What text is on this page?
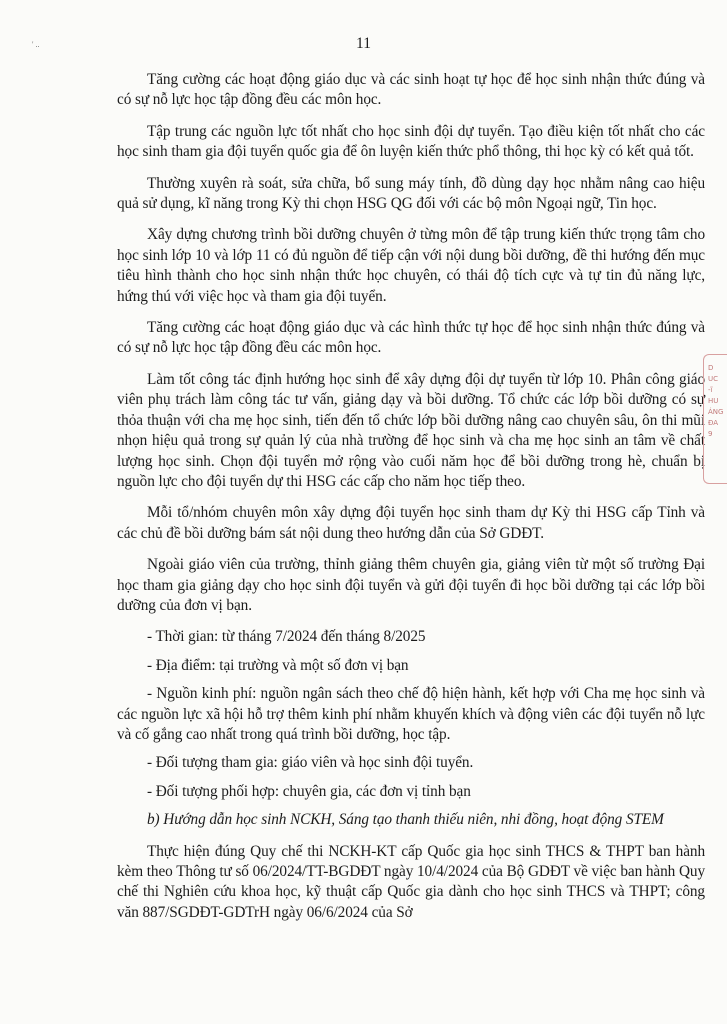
' ..	11

Tăng cường các hoạt động giáo dục và các sinh hoạt tự học để học sinh nhận thức đúng và có sự nỗ lực học tập đồng đều các môn học.

Tập trung các nguồn lực tốt nhất cho học sinh đội dự tuyển. Tạo điều kiện tốt nhất cho các học sinh tham gia đội tuyển quốc gia để ôn luyện kiến thức phổ thông, thi học kỳ có kết quả tốt.

Thường xuyên rà soát, sửa chữa, bổ sung máy tính, đồ dùng dạy học nhằm nâng cao hiệu quả sử dụng, kĩ năng trong Kỳ thi chọn HSG QG đối với các bộ môn Ngoại ngữ, Tin học.

Xây dựng chương trình bồi dưỡng chuyên ở từng môn để tập trung kiến thức trọng tâm cho học sinh lớp 10 và lớp 11 có đủ nguồn để tiếp cận với nội dung bồi dưỡng, đề thi hướng đến mục tiêu hình thành cho học sinh nhận thức học chuyên, có thái độ tích cực và tự tin đủ năng lực, hứng thú với việc học và tham gia đội tuyển.

Tăng cường các hoạt động giáo dục và các hình thức tự học để học sinh nhận thức đúng và có sự nỗ lực học tập đồng đều các môn học.

Làm tốt công tác định hướng học sinh để xây dựng đội dự tuyển từ lớp 10. Phân công giáo viên phụ trách làm công tác tư vấn, giảng dạy và bồi dưỡng. Tổ chức các lớp bồi dưỡng có sự thỏa thuận với cha mẹ học sinh, tiến đến tổ chức lớp bồi dưỡng nâng cao chuyên sâu, ôn thi mũi nhọn hiệu quả trong sự quản lý của nhà trường để học sinh và cha mẹ học sinh an tâm về chất lượng học sinh. Chọn đội tuyển mở rộng vào cuối năm học để bồi dưỡng trong hè, chuẩn bị nguồn lực cho đội tuyển dự thi HSG các cấp cho năm học tiếp theo.

Mỗi tổ/nhóm chuyên môn xây dựng đội tuyển học sinh tham dự Kỳ thi HSG cấp Tỉnh và các chủ đề bồi dưỡng bám sát nội dung theo hướng dẫn của Sở GDĐT.

Ngoài giáo viên của trường, thỉnh giảng thêm chuyên gia, giảng viên từ một số trường Đại học tham gia giảng dạy cho học sinh đội tuyển và gửi đội tuyển đi học bồi dưỡng tại các lớp bồi dưỡng của đơn vị bạn.

- Thời gian: từ tháng 7/2024 đến tháng 8/2025

- Địa điểm: tại trường và một số đơn vị bạn

- Nguồn kinh phí: nguồn ngân sách theo chế độ hiện hành, kết hợp với Cha mẹ học sinh và các nguồn lực xã hội hỗ trợ thêm kinh phí nhằm khuyến khích và động viên các đội tuyển nỗ lực và cố gắng cao nhất trong quá trình bồi dưỡng, học tập.

- Đối tượng tham gia: giáo viên và học sinh đội tuyển.

- Đối tượng phối hợp: chuyên gia, các đơn vị tỉnh bạn

b) Hướng dẫn học sinh NCKH, Sáng tạo thanh thiếu niên, nhi đồng, hoạt động STEM

Thực hiện đúng Quy chế thi NCKH-KT cấp Quốc gia học sinh THCS & THPT ban hành kèm theo Thông tư số 06/2024/TT-BGDĐT ngày 10/4/2024 của Bộ GDĐT về việc ban hành Quy chế thi Nghiên cứu khoa học, kỹ thuật cấp Quốc gia dành cho học sinh THCS và THPT; công văn 887/SGDĐT-GDTrH ngày 06/6/2024 của Sở

D
UC
-ĩ
HU
ÁNG
ĐA
9
